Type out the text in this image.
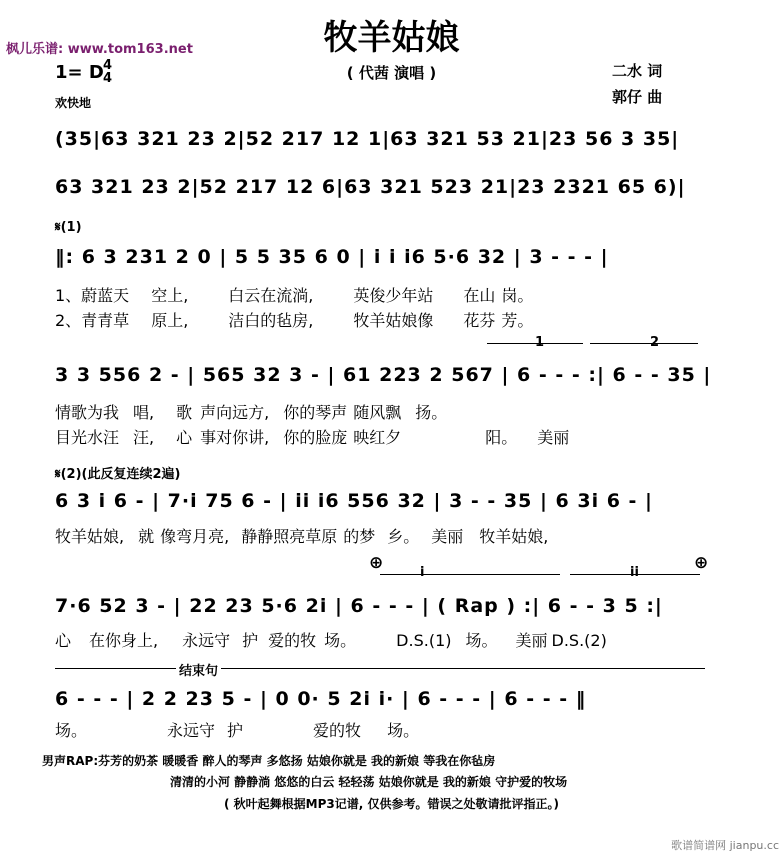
枫儿乐谱: www.tom163.net	牧羊姑娘
( 代茜 演唱 )
1= D 4
4
欢快地
二水 词
郭仔 曲
(35|63 321 23 2|52 217 12 1|63 321 53 21|23 56 3 35|
63 321 23 2|52 217 12 6|63 321 523 21|23 2321 65 6)|
𝄋(1)
‖: 6 3 231 2 0 | 5 5 35 6 0 | i i i6 5·6 32 | 3 - - - |
1、蔚蓝天 空上,	白云在流淌,	英俊少年站 在山 岗。
2、青青草 原上,	洁白的毡房,	牧羊姑娘像 花芬 芳。
1	2
3 3 556 2 - | 565 32 3 - | 61 223 2 567 | 6 - - - :| 6 - - 35 |
情歌为我 唱, 歌 声向远方, 你的琴声 随风飘 扬。
目光水汪 汪, 心 事对你讲, 你的脸庞 映红夕	阳。 美丽
𝄋(2)(此反复连续2遍)
6 3 i 6 - | 7·i 75 6 - | ii i6 556 32 | 3 - - 35 | 6 3i 6 - |
牧羊姑娘, 就 像弯月亮, 静静照亮草原 的梦 乡。 美丽 牧羊姑娘,
⊕	⊕
i	ii
7·6 52 3 - | 22 23 5·6 2i | 6 - - - | ( Rap ) :| 6 - - 3 5 :|
心 在你身上, 永远守 护 爱的牧 场。	D.S.(1) 场。 美丽 D.S.(2)
结束句
6 - - - | 2 2 23 5 - | 0 0· 5 2i i· | 6 - - - | 6 - - - ‖
场。	永远守 护	爱的牧 场。
男声RAP:芬芳的奶茶 暖暖香 醉人的琴声 多悠扬 姑娘你就是 我的新娘 等我在你毡房
清清的小河 静静淌 悠悠的白云 轻轻荡 姑娘你就是 我的新娘 守护爱的牧场
( 秋叶起舞根据MP3记谱, 仅供参考。错误之处敬请批评指正。)
歌谱简谱网 jianpu.cc
